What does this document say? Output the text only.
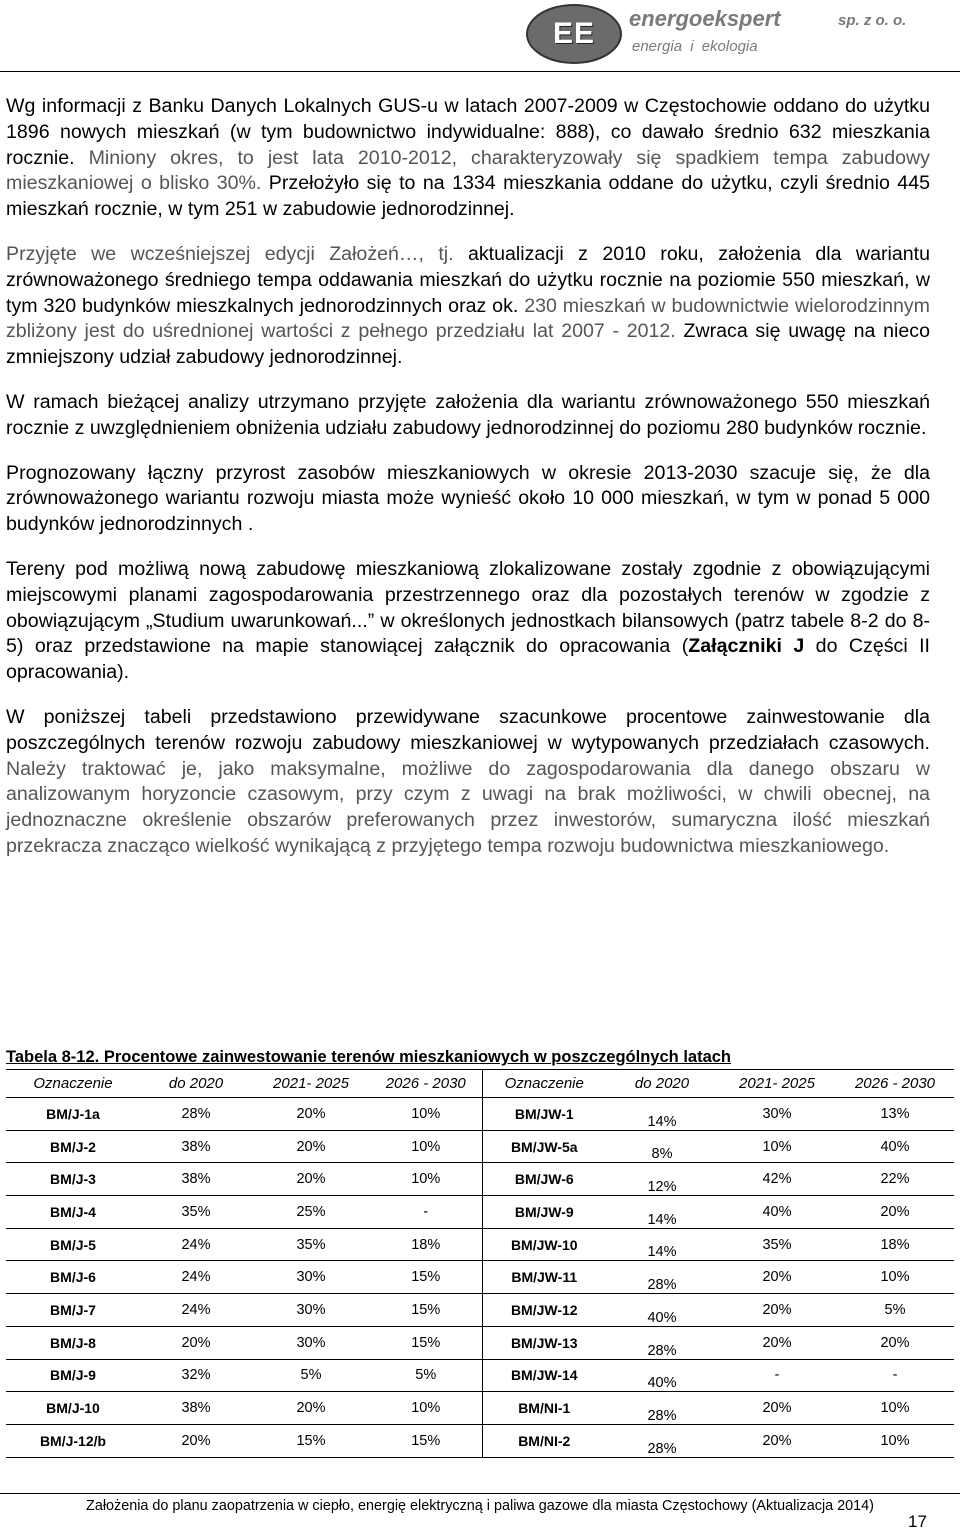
EE energoekspert	sp. z o. o.
energia i ekologia

Wg informacji z Banku Danych Lokalnych GUS-u w latach 2007-2009 w Częstochowie oddano do użytku 1896 nowych mieszkań (w tym budownictwo indywidualne: 888), co dawało średnio 632 mieszkania rocznie. Miniony okres, to jest lata 2010-2012, charakteryzowały się spadkiem tempa zabudowy mieszkaniowej o blisko 30%. Przełożyło się to na 1334 mieszkania oddane do użytku, czyli średnio 445 mieszkań rocznie, w tym 251 w zabudowie jednorodzinnej.

Przyjęte we wcześniejszej edycji Założeń…, tj. aktualizacji z 2010 roku, założenia dla wariantu zrównoważonego średniego tempa oddawania mieszkań do użytku rocznie na poziomie 550 mieszkań, w tym 320 budynków mieszkalnych jednorodzinnych oraz ok. 230 mieszkań w budownictwie wielorodzinnym zbliżony jest do uśrednionej wartości z pełnego przedziału lat 2007 - 2012. Zwraca się uwagę na nieco zmniejszony udział zabudowy jednorodzinnej.

W ramach bieżącej analizy utrzymano przyjęte założenia dla wariantu zrównoważonego 550 mieszkań rocznie z uwzględnieniem obniżenia udziału zabudowy jednorodzinnej do poziomu 280 budynków rocznie.

Prognozowany łączny przyrost zasobów mieszkaniowych w okresie 2013-2030 szacuje się, że dla zrównoważonego wariantu rozwoju miasta może wynieść około 10 000 mieszkań, w tym w ponad 5 000 budynków jednorodzinnych .

Tereny pod możliwą nową zabudowę mieszkaniową zlokalizowane zostały zgodnie z obowiązującymi miejscowymi planami zagospodarowania przestrzennego oraz dla pozostałych terenów w zgodzie z obowiązującym „Studium uwarunkowań...” w określonych jednostkach bilansowych (patrz tabele 8-2 do 8-5) oraz przedstawione na mapie stanowiącej załącznik do opracowania (Załączniki J do Części II opracowania).

W poniższej tabeli przedstawiono przewidywane szacunkowe procentowe zainwestowanie dla poszczególnych terenów rozwoju zabudowy mieszkaniowej w wytypowanych przedziałach czasowych. Należy traktować je, jako maksymalne, możliwe do zagospodarowania dla danego obszaru w analizowanym horyzoncie czasowym, przy czym z uwagi na brak możliwości, w chwili obecnej, na jednoznaczne określenie obszarów preferowanych przez inwestorów, sumaryczna ilość mieszkań przekracza znacząco wielkość wynikającą z przyjętego tempa rozwoju budownictwa mieszkaniowego.

Tabela 8-12. Procentowe zainwestowanie terenów mieszkaniowych w poszczególnych latach
Oznaczenie	do 2020	2021- 2025	2026 - 2030	Oznaczenie	do 2020	2021- 2025	2026 - 2030
BM/J-1a	28%	20%	10%	BM/JW-1	14%	30%	13%
BM/J-2	38%	20%	10%	BM/JW-5a	8%	10%	40%
BM/J-3	38%	20%	10%	BM/JW-6	12%	42%	22%
BM/J-4	35%	25%	-	BM/JW-9	14%	40%	20%
BM/J-5	24%	35%	18%	BM/JW-10	14%	35%	18%
BM/J-6	24%	30%	15%	BM/JW-11	28%	20%	10%
BM/J-7	24%	30%	15%	BM/JW-12	40%	20%	5%
BM/J-8	20%	30%	15%	BM/JW-13	28%	20%	20%
BM/J-9	32%	5%	5%	BM/JW-14	40%	-	-
BM/J-10	38%	20%	10%	BM/NI-1	28%	20%	10%
BM/J-12/b	20%	15%	15%	BM/NI-2	28%	20%	10%
Założenia do planu zaopatrzenia w ciepło, energię elektryczną i paliwa gazowe dla miasta Częstochowy (Aktualizacja 2014)
17
